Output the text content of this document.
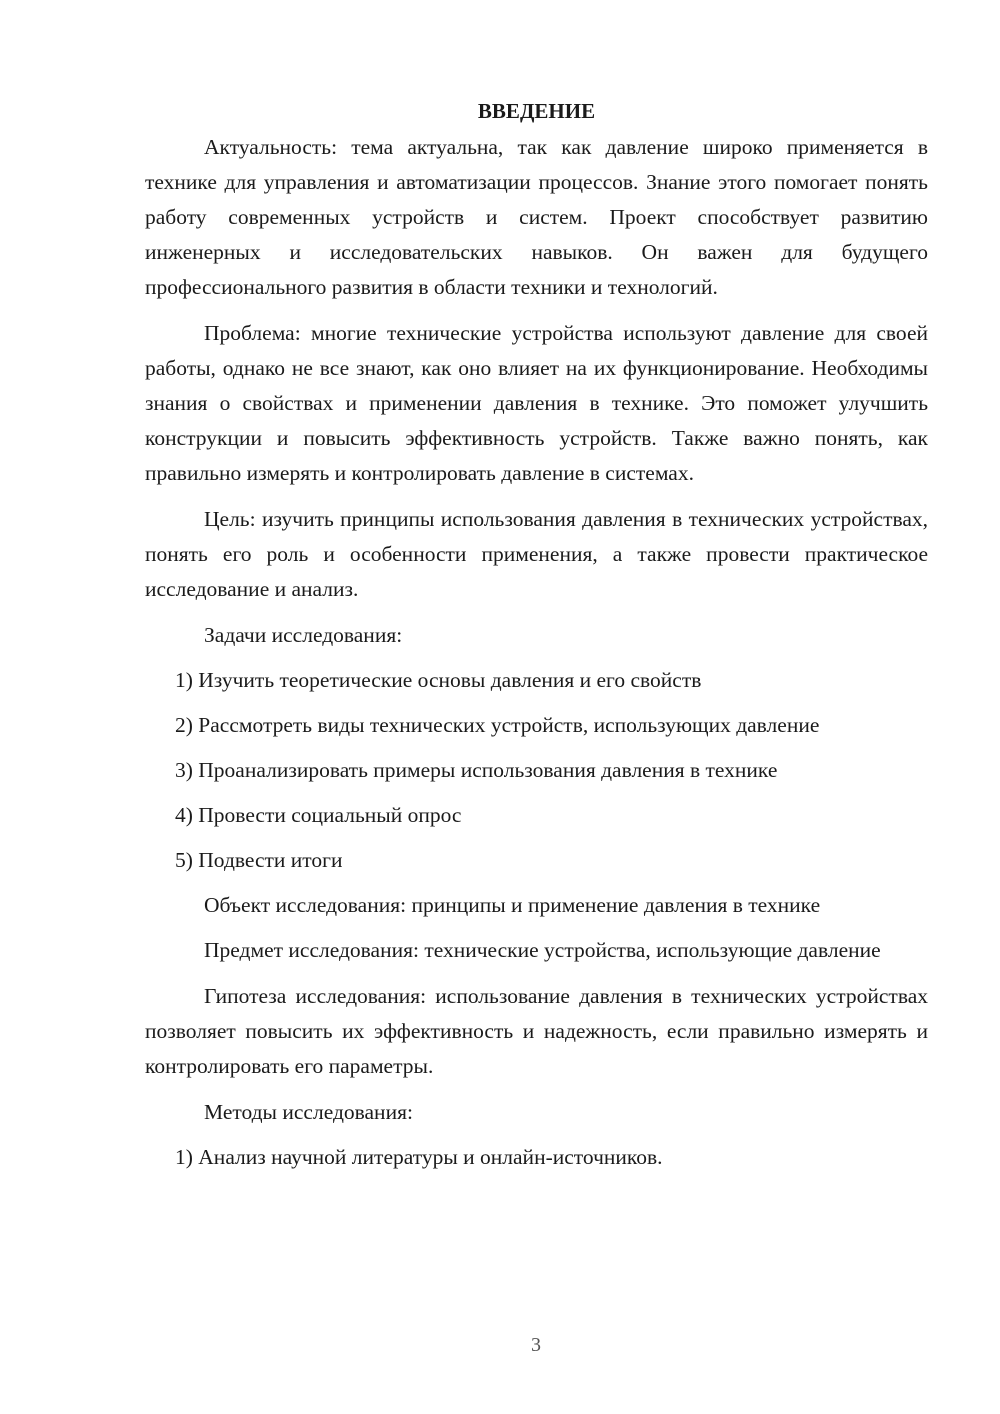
ВВЕДЕНИЕ

Актуальность: тема актуальна, так как давление широко применяется в технике для управления и автоматизации процессов. Знание этого помогает понять работу современных устройств и систем. Проект способствует развитию инженерных и исследовательских навыков. Он важен для будущего профессионального развития в области техники и технологий.

Проблема: многие технические устройства используют давление для своей работы, однако не все знают, как оно влияет на их функционирование. Необходимы знания о свойствах и применении давления в технике. Это поможет улучшить конструкции и повысить эффективность устройств. Также важно понять, как правильно измерять и контролировать давление в системах.

Цель: изучить принципы использования давления в технических устройствах, понять его роль и особенности применения, а также провести практическое исследование и анализ.

Задачи исследования:
1) Изучить теоретические основы давления и его свойств
2) Рассмотреть виды технических устройств, использующих давление
3) Проанализировать примеры использования давления в технике
4) Провести социальный опрос
5) Подвести итоги
Объект исследования: принципы и применение давления в технике

Предмет исследования: технические устройства, использующие давление

Гипотеза исследования: использование давления в технических устройствах позволяет повысить их эффективность и надежность, если правильно измерять и контролировать его параметры.

Методы исследования:
1) Анализ научной литературы и онлайн-источников.
3
